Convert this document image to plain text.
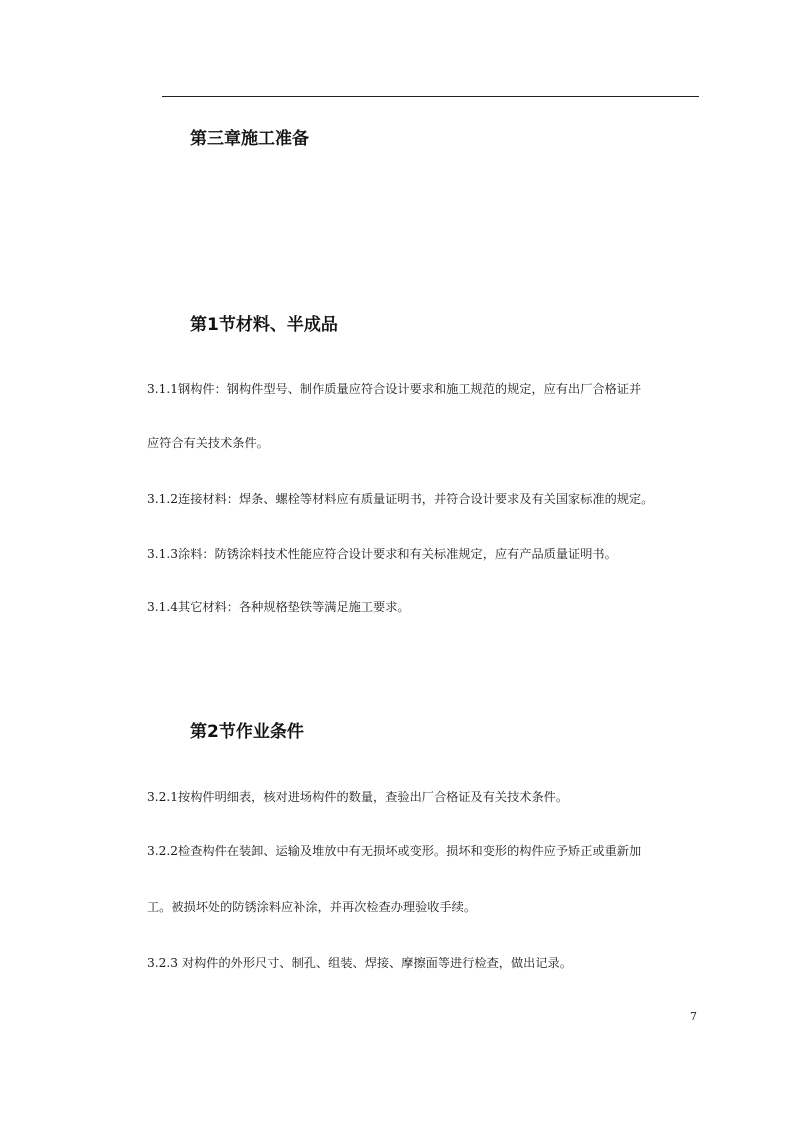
第三章施工准备
第1节材料、半成品
3.1.1钢构件：钢构件型号、制作质量应符合设计要求和施工规范的规定，应有出厂合格证并
应符合有关技术条件。
3.1.2连接材料：焊条、螺栓等材料应有质量证明书，并符合设计要求及有关国家标准的规定。
3.1.3涂料：防锈涂料技术性能应符合设计要求和有关标准规定，应有产品质量证明书。
3.1.4其它材料：各种规格垫铁等满足施工要求。
第2节作业条件
3.2.1按构件明细表，核对进场构件的数量，查验出厂合格证及有关技术条件。
3.2.2检查构件在装卸、运输及堆放中有无损坏或变形。损坏和变形的构件应予矫正或重新加
工。被损坏处的防锈涂料应补涂，并再次检查办理验收手续。
3.2.3 对构件的外形尺寸、制孔、组装、焊接、摩擦面等进行检查，做出记录。
7
